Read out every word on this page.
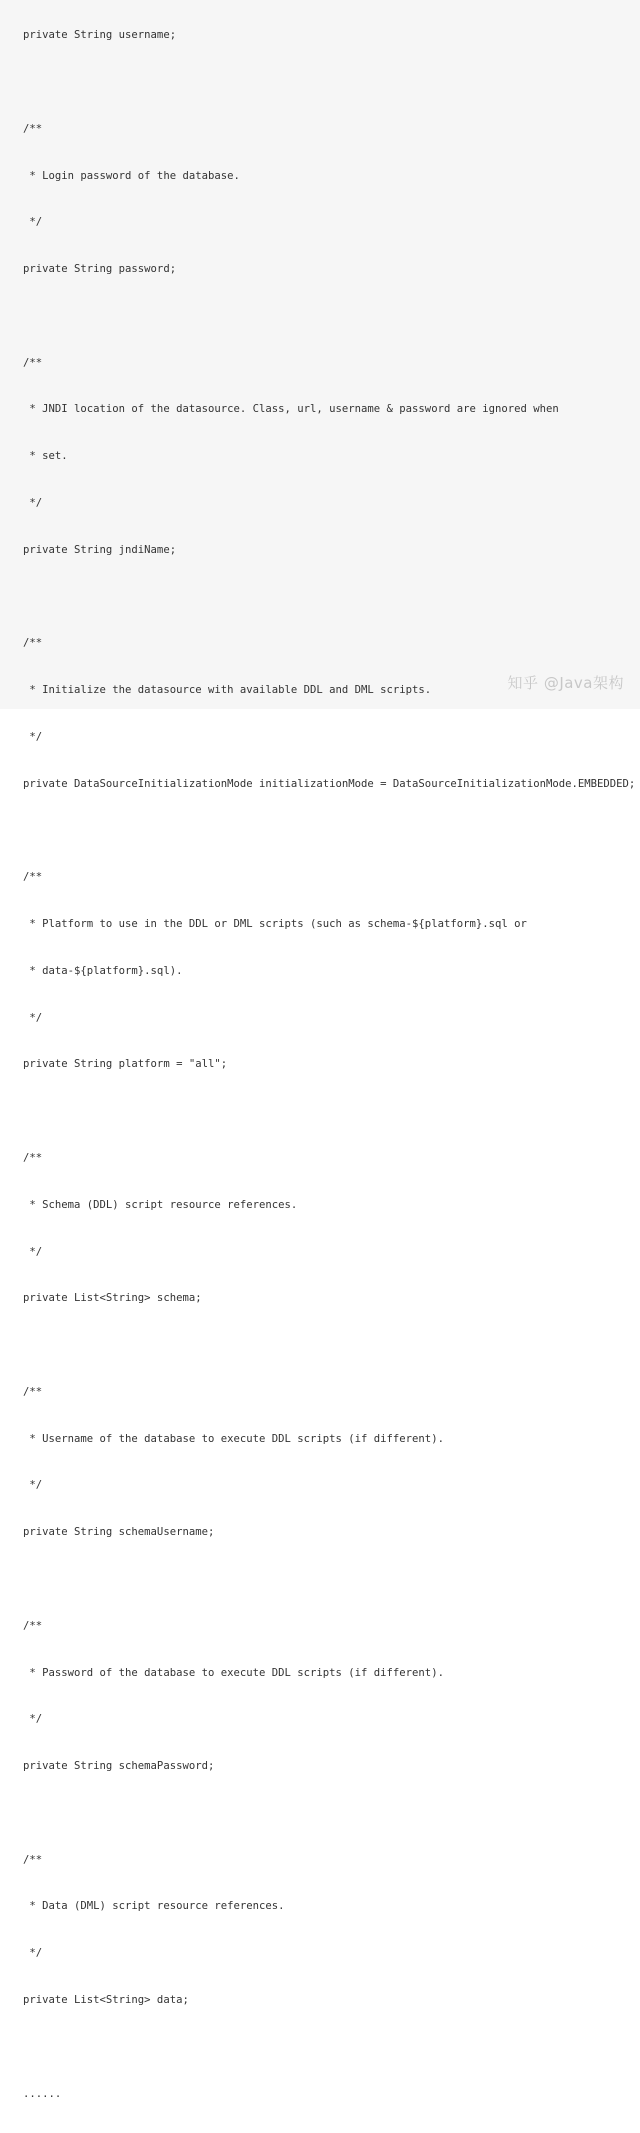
private String username;

/**

* Login password of the database.

*/

private String password;

/**

* JNDI location of the datasource. Class, url, username & password are ignored when

* set.

*/

private String jndiName;

/**

* Initialize the datasource with available DDL and DML scripts.

*/

private DataSourceInitializationMode initializationMode = DataSourceInitializationMode.EMBEDDED;

/**

* Platform to use in the DDL or DML scripts (such as schema-${platform}.sql or

* data-${platform}.sql).

*/

private String platform = "all";

/**

* Schema (DDL) script resource references.

*/

private List<String> schema;

/**

* Username of the database to execute DDL scripts (if different).

*/

private String schemaUsername;

/**

* Password of the database to execute DDL scripts (if different).

*/

private String schemaPassword;

/**

* Data (DML) script resource references.

*/

private List<String> data;

......

知乎 @Java架构
